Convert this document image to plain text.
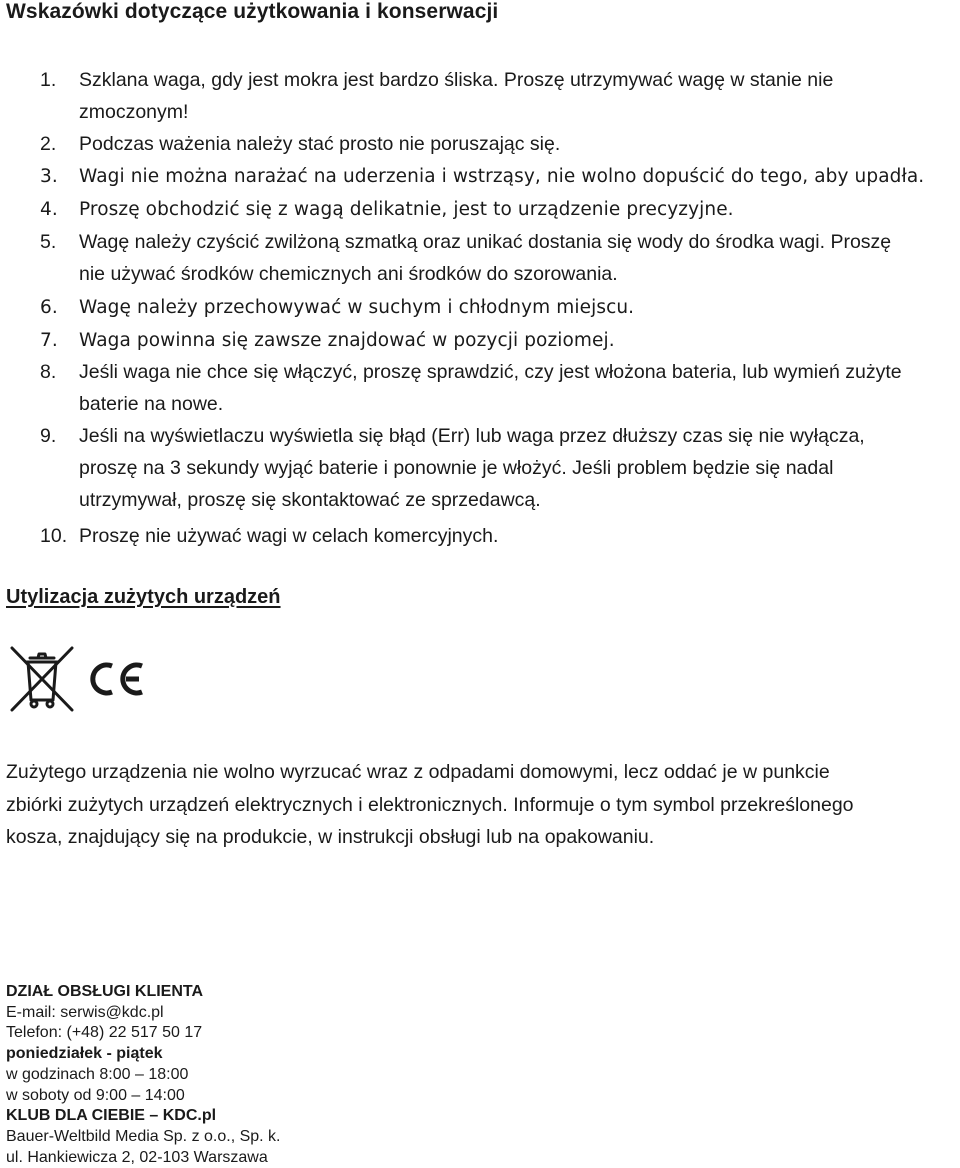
Wskazówki dotyczące użytkowania i konserwacji
1. Szklana waga, gdy jest mokra jest bardzo śliska. Proszę utrzymywać wagę w stanie nie
zmoczonym!
2. Podczas ważenia należy stać prosto nie poruszając się.
3. Wagi nie można narażać na uderzenia i wstrząsy, nie wolno dopuścić do tego, aby upadła.
4. Proszę obchodzić się z wagą delikatnie, jest to urządzenie precyzyjne.
5. Wagę należy czyścić zwilżoną szmatką oraz unikać dostania się wody do środka wagi. Proszę
nie używać środków chemicznych ani środków do szorowania.
6. Wagę należy przechowywać w suchym i chłodnym miejscu.
7. Waga powinna się zawsze znajdować w pozycji poziomej.
8. Jeśli waga nie chce się włączyć, proszę sprawdzić, czy jest włożona bateria, lub wymień zużyte
baterie na nowe.
9. Jeśli na wyświetlaczu wyświetla się błąd (Err) lub waga przez dłuższy czas się nie wyłącza,
proszę na 3 sekundy wyjąć baterie i ponownie je włożyć. Jeśli problem będzie się nadal
utrzymywał, proszę się skontaktować ze sprzedawcą.
10. Proszę nie używać wagi w celach komercyjnych.
Utylizacja zużytych urządzeń
Zużytego urządzenia nie wolno wyrzucać wraz z odpadami domowymi, lecz oddać je w punkcie
zbiórki zużytych urządzeń elektrycznych i elektronicznych. Informuje o tym symbol przekreślonego
kosza, znajdujący się na produkcie, w instrukcji obsługi lub na opakowaniu.
DZIAŁ OBSŁUGI KLIENTA
E-mail: serwis@kdc.pl
Telefon: (+48) 22 517 50 17
poniedziałek - piątek
w godzinach 8:00 – 18:00
w soboty od 9:00 – 14:00
KLUB DLA CIEBIE – KDC.pl
Bauer-Weltbild Media Sp. z o.o., Sp. k.
ul. Hankiewicza 2, 02-103 Warszawa
